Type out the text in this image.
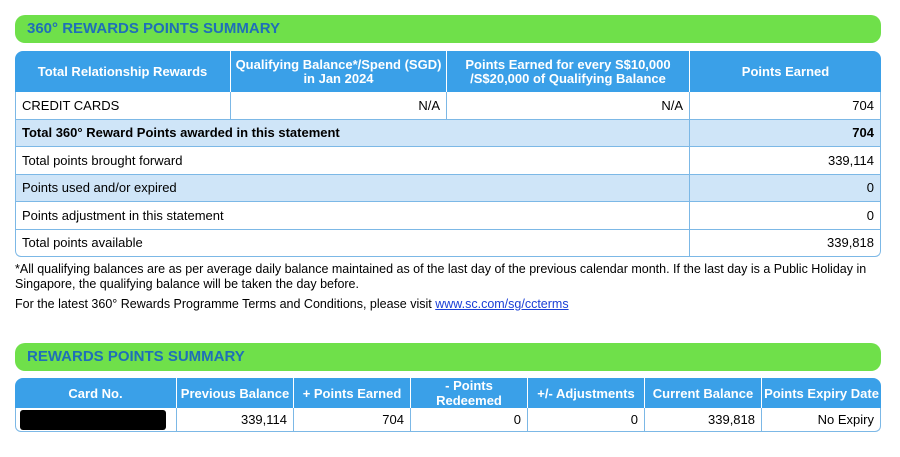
360° REWARDS POINTS SUMMARY
Total Relationship Rewards	Qualifying Balance*/Spend (SGD) in Jan 2024	Points Earned for every S$10,000 /S$20,000 of Qualifying Balance	Points Earned
CREDIT CARDS	N/A	N/A	704
Total 360° Reward Points awarded in this statement			704
Total points brought forward			339,114
Points used and/or expired			0
Points adjustment in this statement			0
Total points available			339,818
*All qualifying balances are as per average daily balance maintained as of the last day of the previous calendar month. If the last day is a Public Holiday in Singapore, the qualifying balance will be taken the day before.
For the latest 360° Rewards Programme Terms and Conditions, please visit www.sc.com/sg/ccterms
REWARDS POINTS SUMMARY
Card No.	Previous Balance	+ Points Earned	- Points Redeemed	+/- Adjustments	Current Balance	Points Expiry Date

	339,114	704	0	0	339,818	No Expiry
